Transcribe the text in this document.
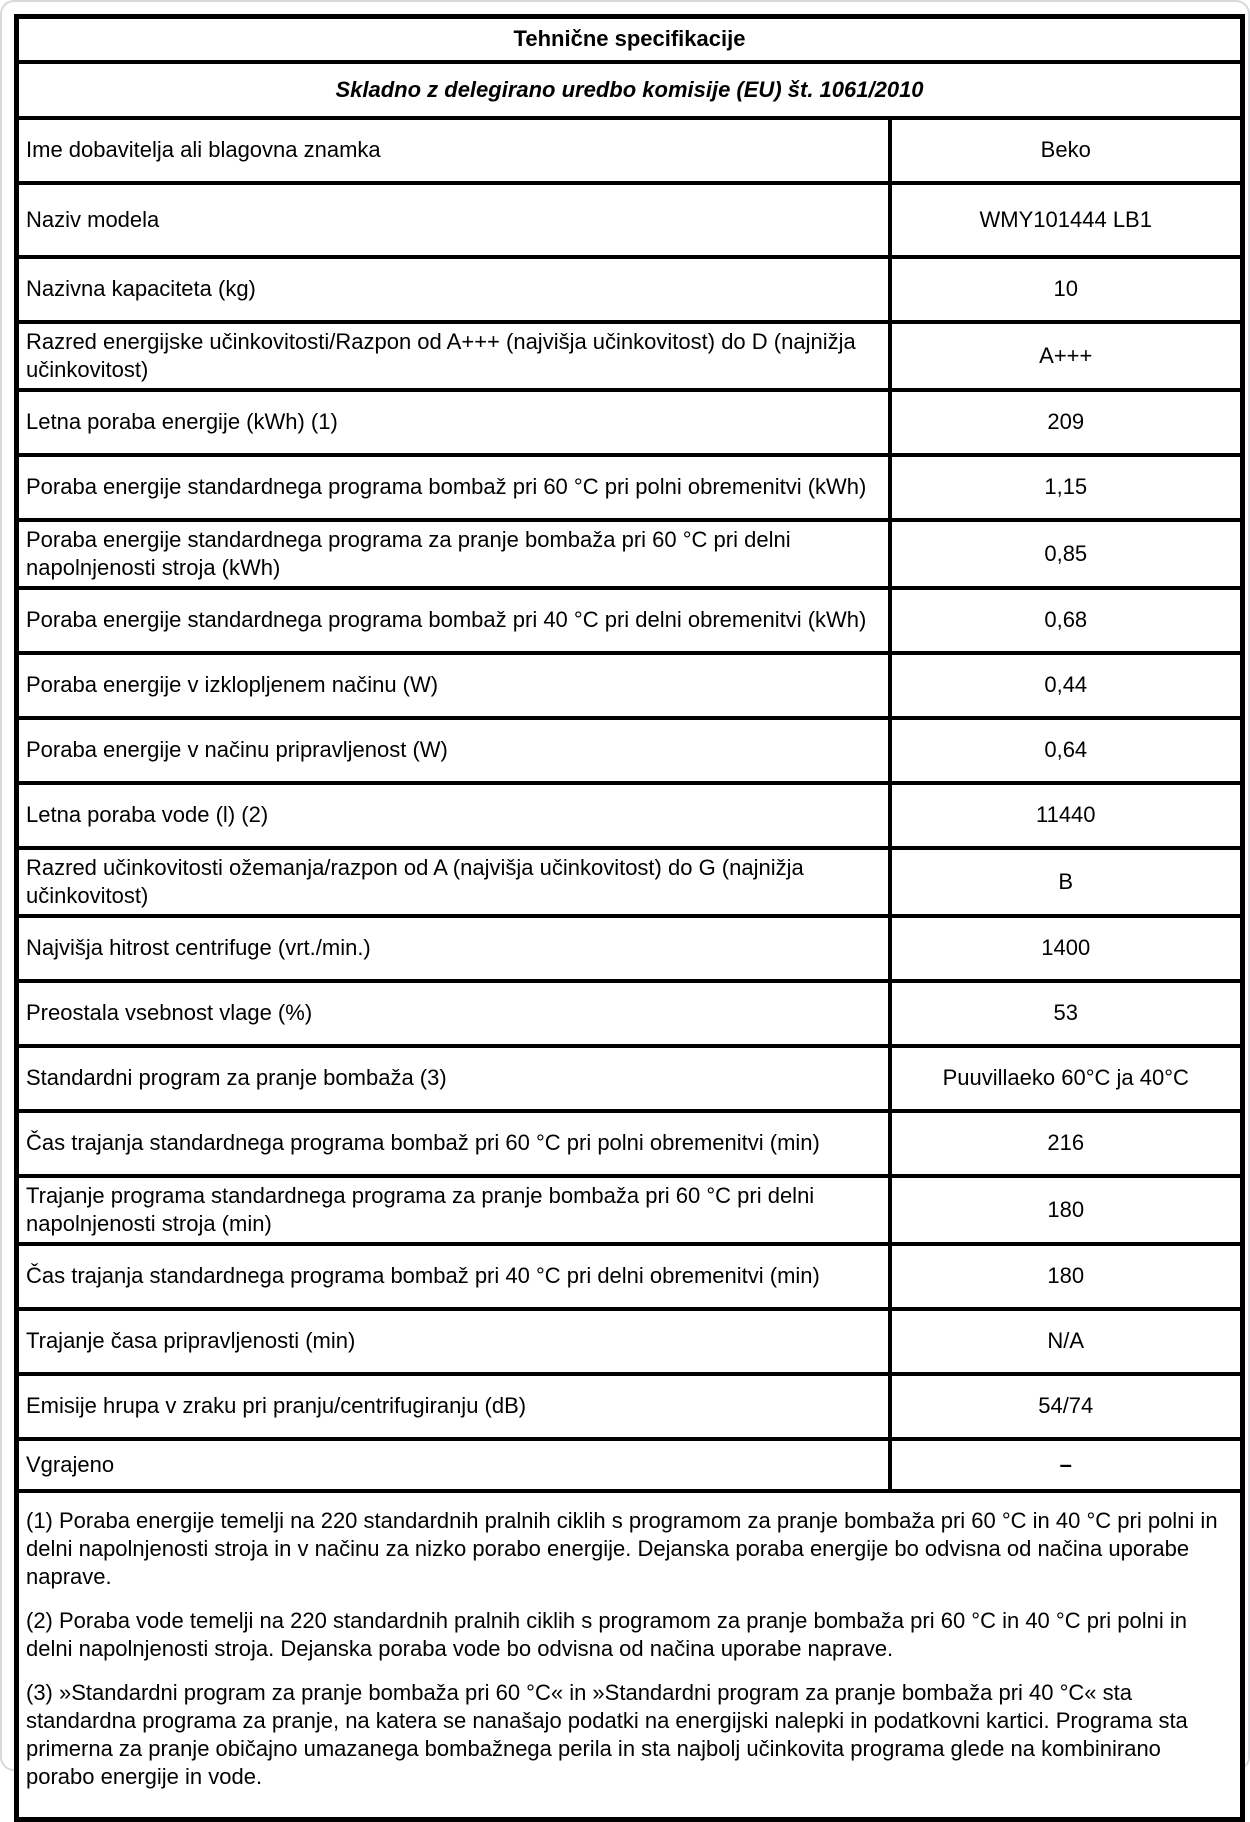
Tehnične specifikacije	
Skladno z delegirano uredbo komisije (EU) št. 1061/2010	
Ime dobavitelja ali blagovna znamka	Beko
Naziv modela	WMY101444 LB1
Nazivna kapaciteta (kg)	10
Razred energijske učinkovitosti/Razpon od A+++ (najvišja učinkovitost) do D (najnižja učinkovitost)	A+++
Letna poraba energije (kWh) (1)	209
Poraba energije standardnega programa bombaž pri 60 °C pri polni obremenitvi (kWh)	1,15
Poraba energije standardnega programa za pranje bombaža pri 60 °C pri delni napolnjenosti stroja (kWh)	0,85
Poraba energije standardnega programa bombaž pri 40 °C pri delni obremenitvi (kWh)	0,68
Poraba energije v izklopljenem načinu (W)	0,44
Poraba energije v načinu pripravljenost (W)	0,64
Letna poraba vode (l) (2)	11440
Razred učinkovitosti ožemanja/razpon od A (najvišja učinkovitost) do G (najnižja učinkovitost)	B
Najvišja hitrost centrifuge (vrt./min.)	1400
Preostala vsebnost vlage (%)	53
Standardni program za pranje bombaža (3)	Puuvillaeko 60°C ja 40°C
Čas trajanja standardnega programa bombaž pri 60 °C pri polni obremenitvi (min)	216
Trajanje programa standardnega programa za pranje bombaža pri 60 °C pri delni napolnjenosti stroja (min)	180
Čas trajanja standardnega programa bombaž pri 40 °C pri delni obremenitvi (min)	180
Trajanje časa pripravljenosti (min)	N/A
Emisije hrupa v zraku pri pranju/centrifugiranju (dB)	54/74
Vgrajeno	–

(1) Poraba energije temelji na 220 standardnih pralnih ciklih s programom za pranje bombaža pri 60 °C in 40 °C pri polni in delni napolnjenosti stroja in v načinu za nizko porabo energije. Dejanska poraba energije bo odvisna od načina uporabe naprave.

(2) Poraba vode temelji na 220 standardnih pralnih ciklih s programom za pranje bombaža pri 60 °C in 40 °C pri polni in delni napolnjenosti stroja. Dejanska poraba vode bo odvisna od načina uporabe naprave.

(3) »Standardni program za pranje bombaža pri 60 °C« in »Standardni program za pranje bombaža pri 40 °C« sta standardna programa za pranje, na katera se nanašajo podatki na energijski nalepki in podatkovni kartici. Programa sta primerna za pranje običajno umazanega bombažnega perila in sta najbolj učinkovita programa glede na kombinirano porabo energije in vode.	
